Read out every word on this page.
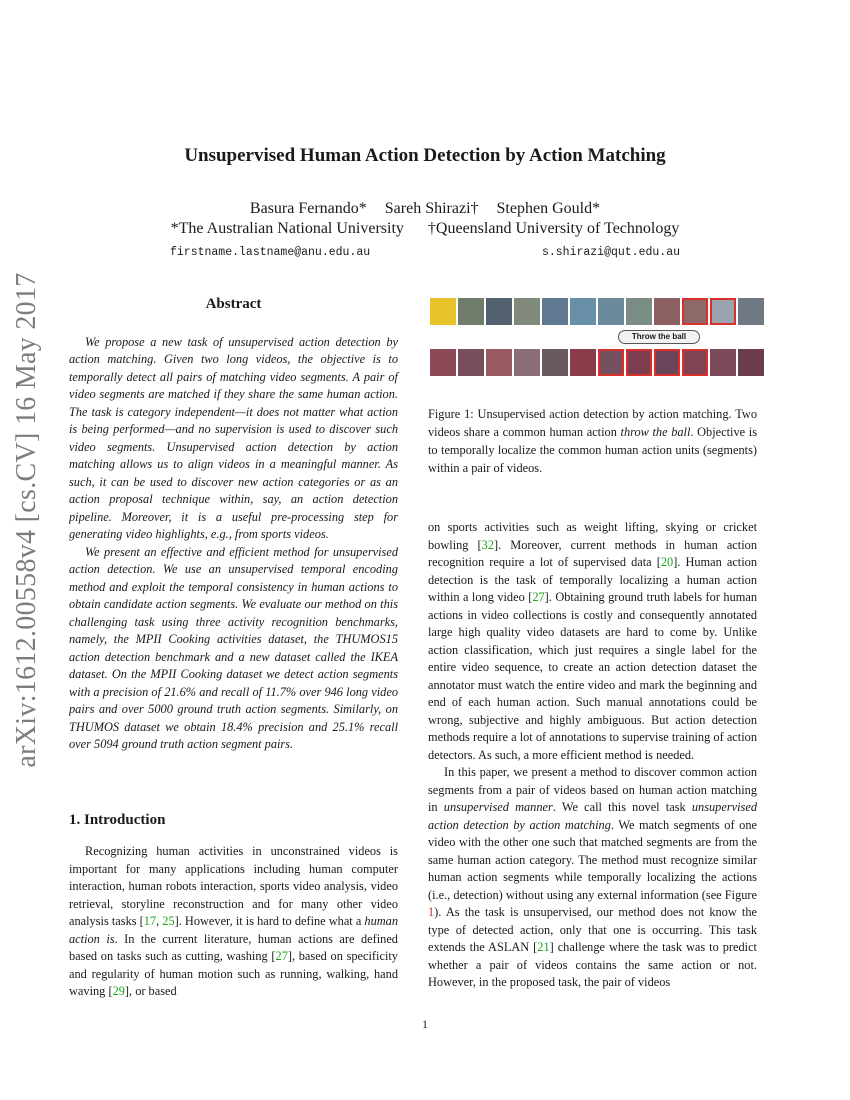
arXiv:1612.00558v4 [cs.CV] 16 May 2017
Unsupervised Human Action Detection by Action Matching
Basura Fernando* Sareh Shirazi† Stephen Gould*
*The Australian National University †Queensland University of Technology
firstname.lastname@anu.edu.au	s.shirazi@qut.edu.au
Abstract

We propose a new task of unsupervised action detection by action matching. Given two long videos, the objective is to temporally detect all pairs of matching video segments. A pair of video segments are matched if they share the same human action. The task is category independent—it does not matter what action is being performed—and no supervision is used to discover such video segments. Unsupervised action detection by action matching allows us to align videos in a meaningful manner. As such, it can be used to discover new action categories or as an action proposal technique within, say, an action detection pipeline. Moreover, it is a useful pre-processing step for generating video highlights, e.g., from sports videos.

We present an effective and efficient method for unsupervised action detection. We use an unsupervised temporal encoding method and exploit the temporal consistency in human actions to obtain candidate action segments. We evaluate our method on this challenging task using three activity recognition benchmarks, namely, the MPII Cooking activities dataset, the THUMOS15 action detection benchmark and a new dataset called the IKEA dataset. On the MPII Cooking dataset we detect action segments with a precision of 21.6% and recall of 11.7% over 946 long video pairs and over 5000 ground truth action segments. Similarly, on THUMOS dataset we obtain 18.4% precision and 25.1% recall over 5094 ground truth action segment pairs.

1. Introduction

Recognizing human activities in unconstrained videos is important for many applications including human computer interaction, human robots interaction, sports video analysis, video retrieval, storyline reconstruction and for many other video analysis tasks [17, 25]. However, it is hard to define what a human action is. In the current literature, human actions are defined based on tasks such as cutting, washing [27], based on specificity and regularity of human motion such as running, walking, hand waving [29], or based

Throw the ball
Figure 1: Unsupervised action detection by action matching. Two videos share a common human action throw the ball. Objective is to temporally localize the common human action units (segments) within a pair of videos.

on sports activities such as weight lifting, skying or cricket bowling [32]. Moreover, current methods in human action recognition require a lot of supervised data [20]. Human action detection is the task of temporally localizing a human action within a long video [27]. Obtaining ground truth labels for human actions in video collections is costly and consequently annotated large high quality video datasets are hard to come by. Unlike action classification, which just requires a single label for the entire video sequence, to create an action detection dataset the annotator must watch the entire video and mark the beginning and end of each human action. Such manual annotations could be wrong, subjective and highly ambiguous. But action detection methods require a lot of annotations to supervise training of action detectors. As such, a more efficient method is needed.

In this paper, we present a method to discover common action segments from a pair of videos based on human action matching in unsupervised manner. We call this novel task unsupervised action detection by action matching. We match segments of one video with the other one such that matched segments are from the same human action category. The method must recognize similar human action segments while temporally localizing the actions (i.e., detection) without using any external information (see Figure 1). As the task is unsupervised, our method does not know the type of detected action, only that one is occurring. This task extends the ASLAN [21] challenge where the task was to predict whether a pair of videos contains the same action or not. However, in the proposed task, the pair of videos

1
